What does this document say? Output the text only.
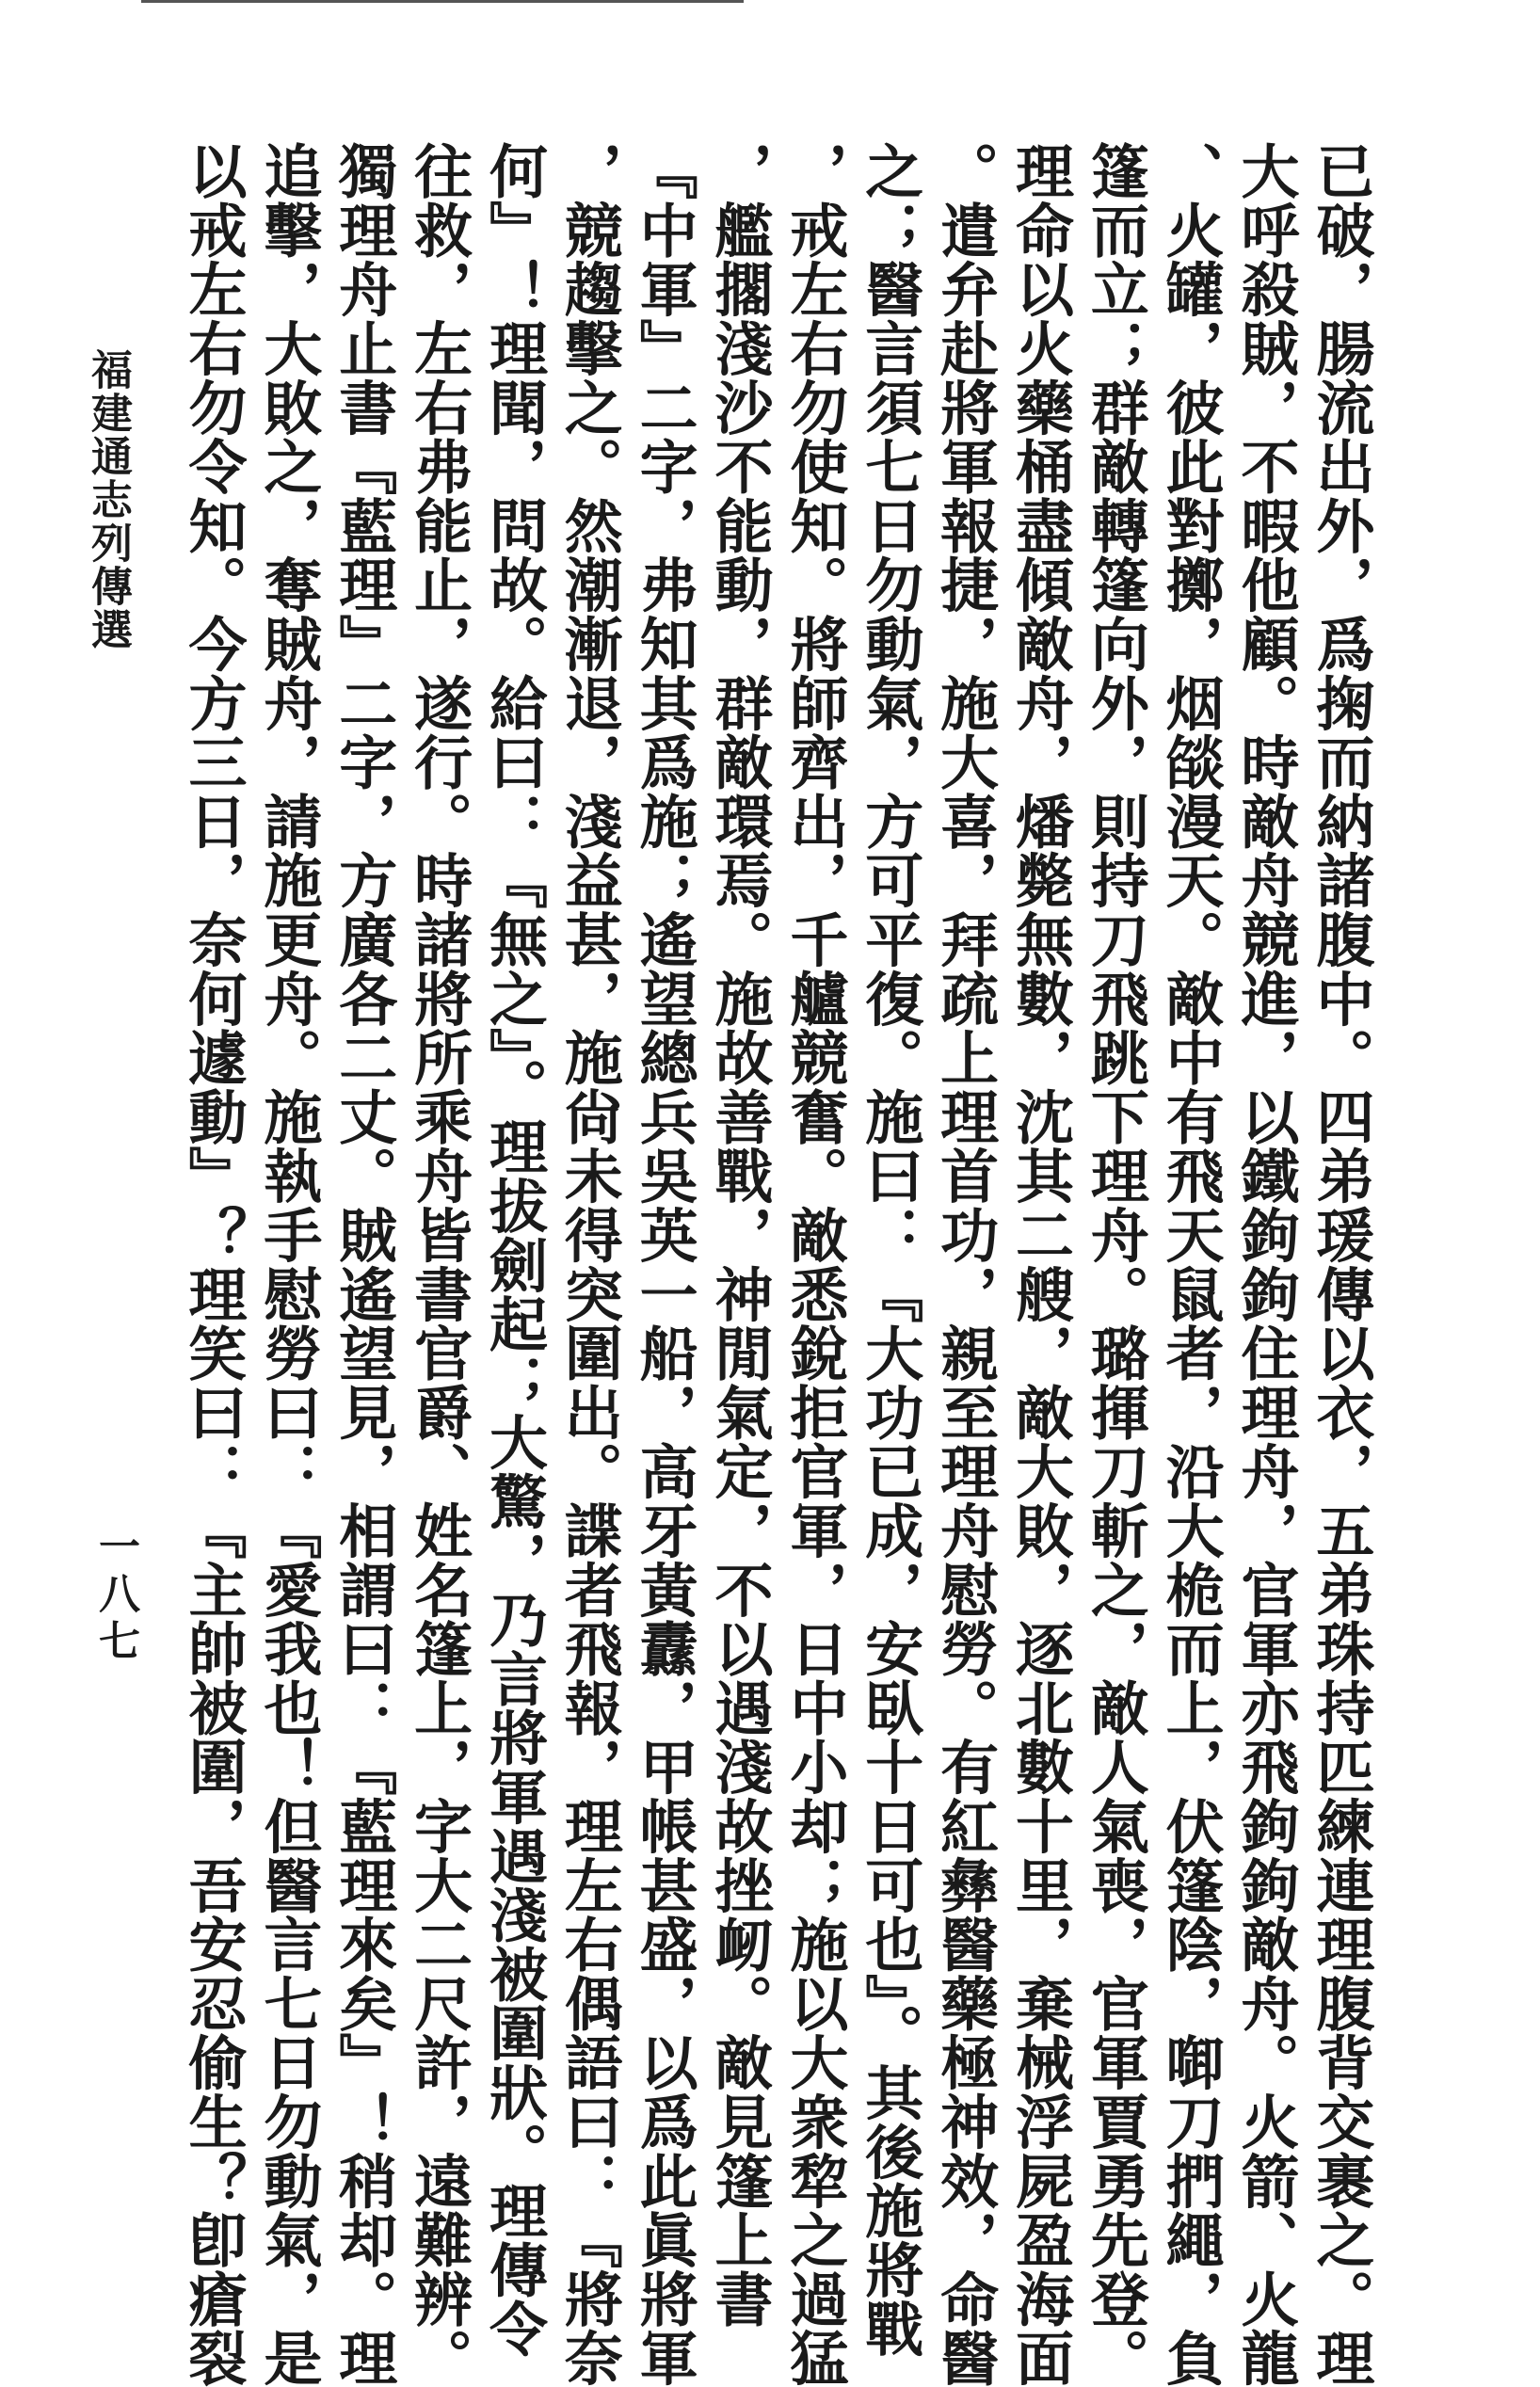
已破，腸流出外，爲掬而納諸腹中。四弟瑗傳以衣，五弟珠持匹練連理腹背交裹之。理
大呼殺賊，不暇他顧。時敵舟競進，以鐵鉤鉤住理舟，官軍亦飛鉤鉤敵舟。火箭、火龍
、火罐，彼此對擲，烟燄漫天。敵中有飛天鼠者，沿大桅而上，伏篷陰，啣刀捫繩，負
篷而立；群敵轉篷向外，則持刀飛跳下理舟。璐揮刀斬之，敵人氣喪，官軍賈勇先登。
理命以火藥桶盡傾敵舟，燔斃無數，沈其二艘，敵大敗，逐北數十里，棄械浮屍盈海面
。遣弁赴將軍報捷，施大喜，拜疏上理首功，親至理舟慰勞。有紅彝醫藥極神效，命醫
之；醫言須七日勿動氣，方可平復。施曰：『大功已成，安臥十日可也』。其後施將戰
，戒左右勿使知。將師齊出，千艫競奮。敵悉銳拒官軍，日中小却；施以大衆犂之過猛
，艦擱淺沙不能動，群敵環焉。施故善戰，神閒氣定，不以遇淺故挫衂。敵見篷上書
『中軍』二字，弗知其爲施；遙望總兵吳英一船，高牙黃纛，甲帳甚盛，以爲此眞將軍
，競趨擊之。然潮漸退，淺益甚，施尙未得突圍出。諜者飛報，理左右偶語曰：『將奈
何』！理聞，問故。給曰：『無之』。理拔劍起；大驚，乃言將軍遇淺被圍狀。理傳令
往救，左右弗能止，遂行。時諸將所乘舟皆書官爵、姓名篷上，字大二尺許，遠難辨。
獨理舟止書『藍理』二字，方廣各二丈。賊遙望見，相謂曰：『藍理來矣』！稍却。理
追擊，大敗之，奪賊舟，請施更舟。施執手慰勞曰：『愛我也！但醫言七日勿動氣，是
以戒左右勿令知。今方三日，奈何遽動』？理笑曰：『主帥被圍，吾安忍偷生？卽瘡裂
福建通志列傳選
一八七
